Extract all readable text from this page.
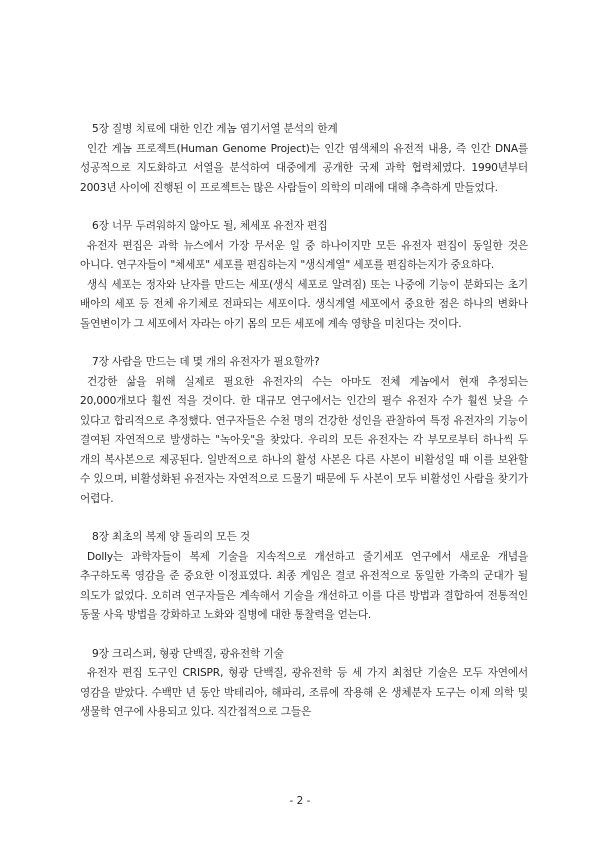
5장 질병 치료에 대한 인간 게놈 염기서열 분석의 한계

인간 게놈 프로젝트(Human Genome Project)는 인간 염색체의 유전적 내용, 즉 인간 DNA를 성공적으로 지도화하고 서열을 분석하여 대중에게 공개한 국제 과학 협력체였다. 1990년부터 2003년 사이에 진행된 이 프로젝트는 많은 사람들이 의학의 미래에 대해 추측하게 만들었다.

6장 너무 두려워하지 않아도 될, 체세포 유전자 편집

유전자 편집은 과학 뉴스에서 가장 무서운 일 중 하나이지만 모든 유전자 편집이 동일한 것은 아니다. 연구자들이 "체세포" 세포를 편집하는지 "생식계열" 세포를 편집하는지가 중요하다.

생식 세포는 정자와 난자를 만드는 세포(생식 세포로 알려짐) 또는 나중에 기능이 분화되는 초기 배아의 세포 등 전체 유기체로 전파되는 세포이다. 생식계열 세포에서 중요한 점은 하나의 변화나 돌연변이가 그 세포에서 자라는 아기 몸의 모든 세포에 계속 영향을 미친다는 것이다.

7장 사람을 만드는 데 몇 개의 유전자가 필요할까?

건강한 삶을 위해 실제로 필요한 유전자의 수는 아마도 전체 게놈에서 현재 추정되는 20,000개보다 훨씬 적을 것이다. 한 대규모 연구에서는 인간의 필수 유전자 수가 훨씬 낮을 수 있다고 합리적으로 추정했다. 연구자들은 수천 명의 건강한 성인을 관찰하여 특정 유전자의 기능이 결여된 자연적으로 발생하는 "녹아웃"을 찾았다. 우리의 모든 유전자는 각 부모로부터 하나씩 두 개의 복사본으로 제공된다. 일반적으로 하나의 활성 사본은 다른 사본이 비활성일 때 이를 보완할 수 있으며, 비활성화된 유전자는 자연적으로 드물기 때문에 두 사본이 모두 비활성인 사람을 찾기가 어렵다.

8장 최초의 복제 양 돌리의 모든 것

Dolly는 과학자들이 복제 기술을 지속적으로 개선하고 줄기세포 연구에서 새로운 개념을 추구하도록 영감을 준 중요한 이정표였다. 최종 게임은 결코 유전적으로 동일한 가축의 군대가 될 의도가 없었다. 오히려 연구자들은 계속해서 기술을 개선하고 이를 다른 방법과 결합하여 전통적인 동물 사육 방법을 강화하고 노화와 질병에 대한 통찰력을 얻는다.

9장 크리스퍼, 형광 단백질, 광유전학 기술

유전자 편집 도구인 CRISPR, 형광 단백질, 광유전학 등 세 가지 최첨단 기술은 모두 자연에서 영감을 받았다. 수백만 년 동안 박테리아, 해파리, 조류에 작용해 온 생체분자 도구는 이제 의학 및 생물학 연구에 사용되고 있다. 직간접적으로 그들은

- 2 -
